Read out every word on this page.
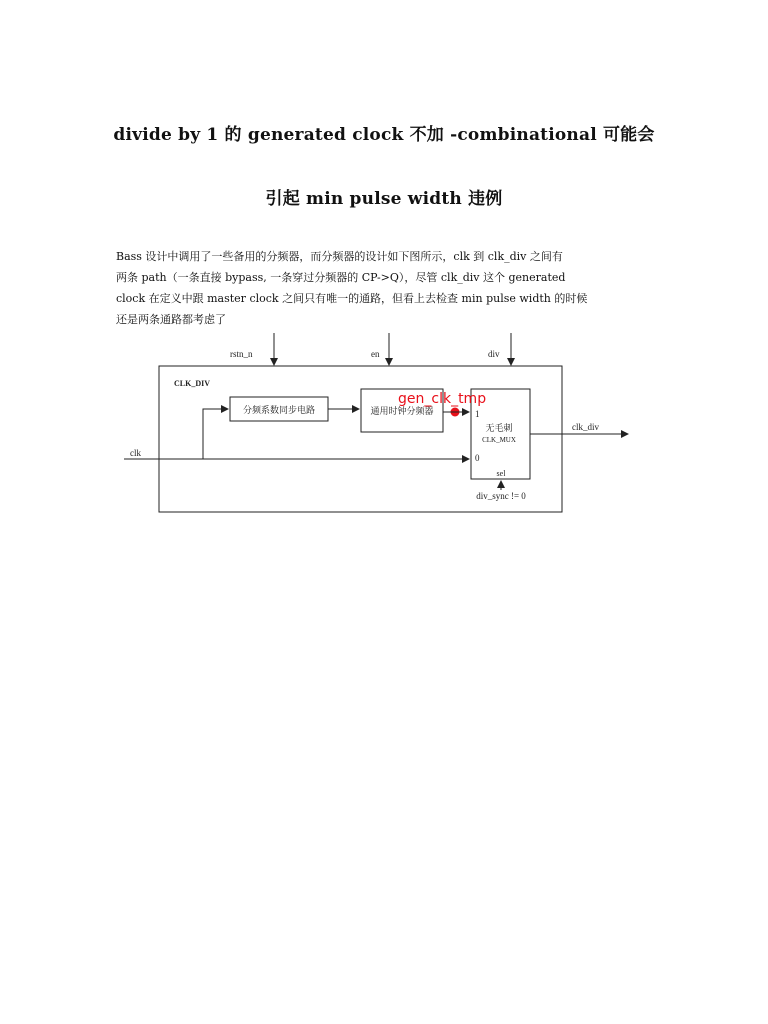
divide by 1 的 generated clock 不加 -combinational 可能会
引起 min pulse width 违例
Bass 设计中调用了一些备用的分频器，而分频器的设计如下图所示，clk 到 clk_div 之间有
两条 path（一条直接 bypass, 一条穿过分频器的 CP->Q），尽管 clk_div 这个 generated
clock 在定义中跟 master clock 之间只有唯一的通路，但看上去检查 min pulse width 的时候
还是两条通路都考虑了
CLK_DIV
rstn_n	en	div
分频系数同步电路	通用时钟分频器	1
0
无毛刺
CLK_MUX
sel
gen_clk_tmp
clk
clk_div
div_sync != 0
